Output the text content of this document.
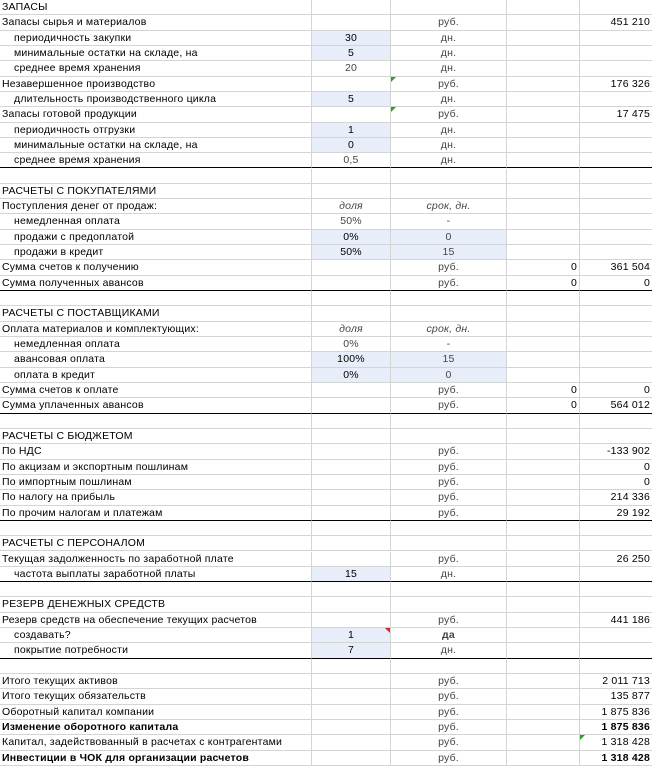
ЗАПАСЫ
Запасы сырья и материалов	руб.	451 210
периодичность закупки	30	дн.
минимальные остатки на складе, на	5	дн.
среднее время хранения	20	дн.
Незавершенное производство	руб.	176 326
длительность производственного цикла	5	дн.
Запасы готовой продукции	руб.	17 475
периодичность отгрузки	1	дн.
минимальные остатки на складе, на	0	дн.
среднее время хранения	0,5	дн.
РАСЧЕТЫ С ПОКУПАТЕЛЯМИ
Поступления денег от продаж:	доля	срок, дн.
немедленная оплата	50%	-
продажи с предоплатой	0%	0
продажи в кредит	50%	15
Сумма счетов к получению	руб.	0	361 504
Сумма полученных авансов	руб.	0	0
РАСЧЕТЫ С ПОСТАВЩИКАМИ
Оплата материалов и комплектующих:	доля	срок, дн.
немедленная оплата	0%	-
авансовая оплата	100%	15
оплата в кредит	0%	0
Сумма счетов к оплате	руб.	0	0
Сумма уплаченных авансов	руб.	0	564 012
РАСЧЕТЫ С БЮДЖЕТОМ
По НДС	руб.	-133 902
По акцизам и экспортным пошлинам	руб.	0
По импортным пошлинам	руб.	0
По налогу на прибыль	руб.	214 336
По прочим налогам и платежам	руб.	29 192
РАСЧЕТЫ С ПЕРСОНАЛОМ
Текущая задолженность по заработной плате	руб.	26 250
частота выплаты заработной платы	15	дн.
РЕЗЕРВ ДЕНЕЖНЫХ СРЕДСТВ
Резерв средств на обеспечение текущих расчетов	руб.	441 186
создавать?	1	да
покрытие потребности	7	дн.
Итого текущих активов	руб.	2 011 713
Итого текущих обязательств	руб.	135 877
Оборотный капитал компании	руб.	1 875 836
Изменение оборотного капитала	руб.	1 875 836
Капитал, задействованный в расчетах с контрагентами	руб.	1 318 428
Инвестиции в ЧОК для организации расчетов	руб.	1 318 428
